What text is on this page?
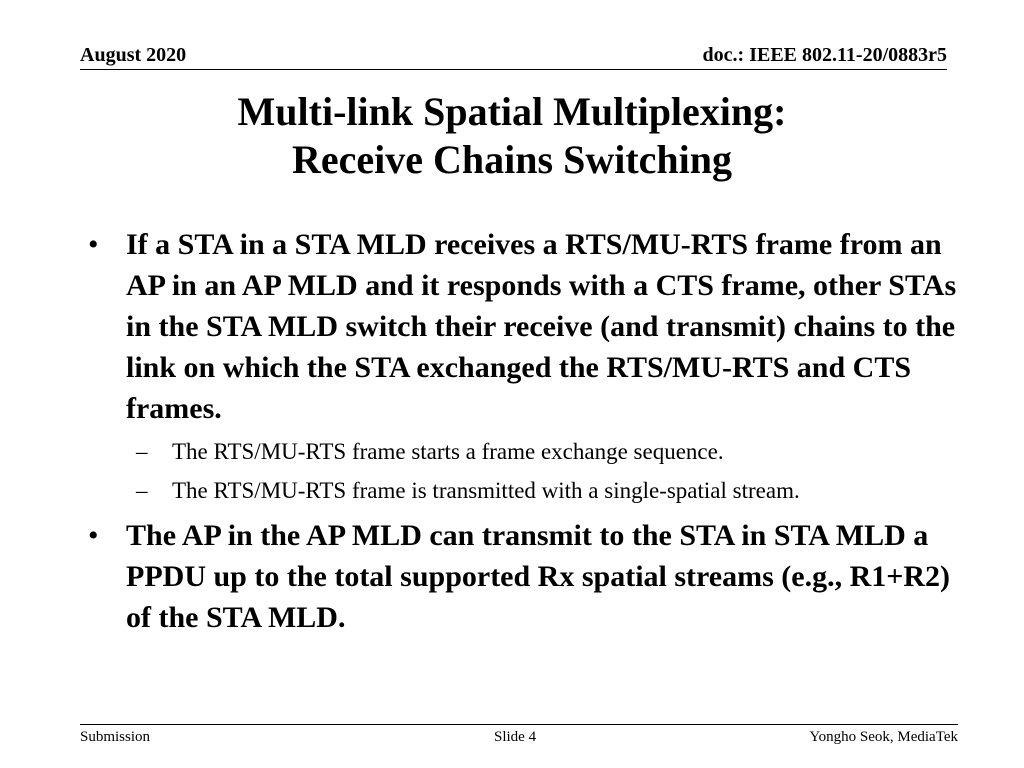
August 2020	doc.: IEEE 802.11-20/0883r5
Multi-link Spatial Multiplexing:
Receive Chains Switching
• If a STA in a STA MLD receives a RTS/MU-RTS frame from an AP in an AP MLD and it responds with a CTS frame, other STAs in the STA MLD switch their receive (and transmit) chains to the link on which the STA exchanged the RTS/MU-RTS and CTS frames.
– The RTS/MU-RTS frame starts a frame exchange sequence.
– The RTS/MU-RTS frame is transmitted with a single-spatial stream.
• The AP in the AP MLD can transmit to the STA in STA MLD a PPDU up to the total supported Rx spatial streams (e.g., R1+R2) of the STA MLD.
Submission	Slide 4	Yongho Seok, MediaTek
